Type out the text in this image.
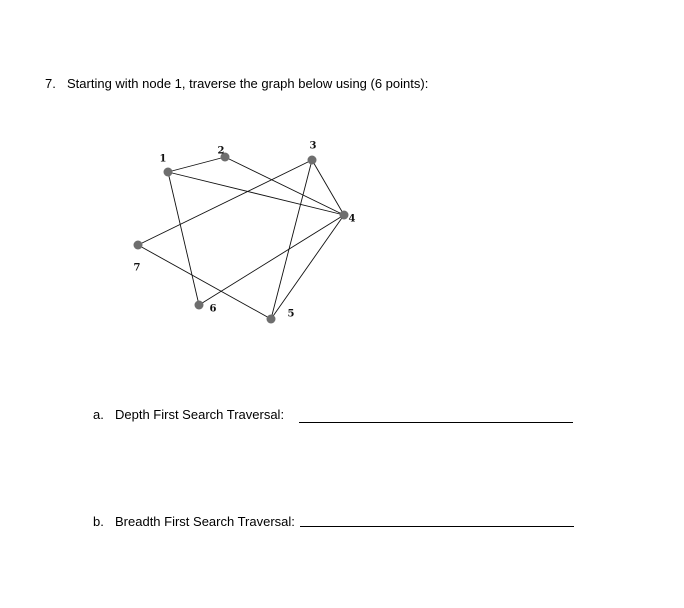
7. Starting with node 1, traverse the graph below using (6 points):
1
2	3
4
5
6
7
a. Depth First Search Traversal:
b. Breadth First Search Traversal:
